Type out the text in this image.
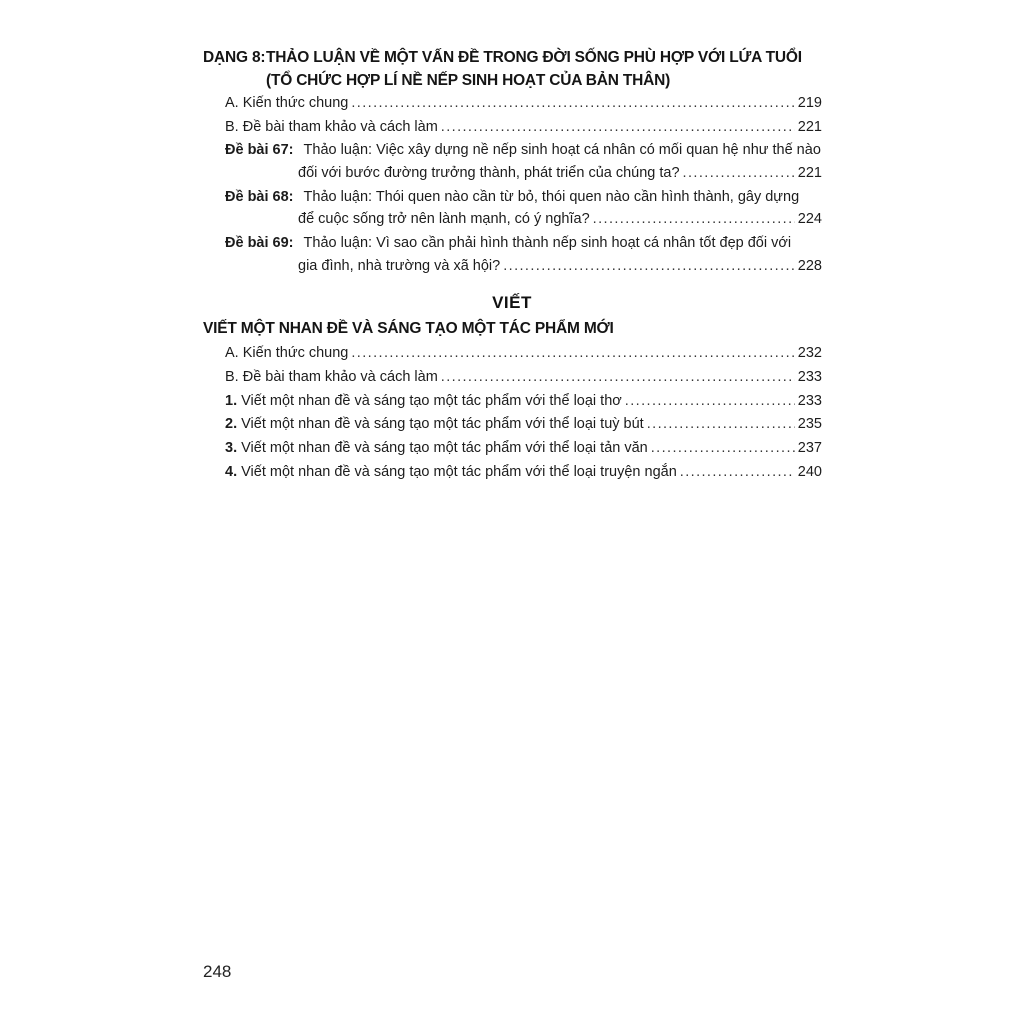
DẠNG 8:THẢO LUẬN VỀ MỘT VẤN ĐỀ TRONG ĐỜI SỐNG PHÙ HỢP VỚI LỨA TUỔI
(TỔ CHỨC HỢP LÍ NỀ NẾP SINH HOẠT CỦA BẢN THÂN)
A. Kiến thức chung .....	219
B. Đề bài tham khảo và cách làm .....	221
Đề bài 67: Thảo luận: Việc xây dựng nề nếp sinh hoạt cá nhân có mối quan hệ như thế nào
đối với bước đường trưởng thành, phát triển của chúng ta? .....	221
Đề bài 68: Thảo luận: Thói quen nào cần từ bỏ, thói quen nào cần hình thành, gây dựng
để cuộc sống trở nên lành mạnh, có ý nghĩa? .....	224
Đề bài 69: Thảo luận: Vì sao cần phải hình thành nếp sinh hoạt cá nhân tốt đẹp đối với
gia đình, nhà trường và xã hội? .....	228
VIẾT
VIẾT MỘT NHAN ĐỀ VÀ SÁNG TẠO MỘT TÁC PHẨM MỚI
A. Kiến thức chung .....	232
B. Đề bài tham khảo và cách làm .....	233
1. Viết một nhan đề và sáng tạo một tác phẩm với thể loại thơ .....	233
2. Viết một nhan đề và sáng tạo một tác phẩm với thể loại tuỳ bút .....	235
3. Viết một nhan đề và sáng tạo một tác phẩm với thể loại tản văn .....	237
4. Viết một nhan đề và sáng tạo một tác phẩm với thể loại truyện ngắn .....	240
248
